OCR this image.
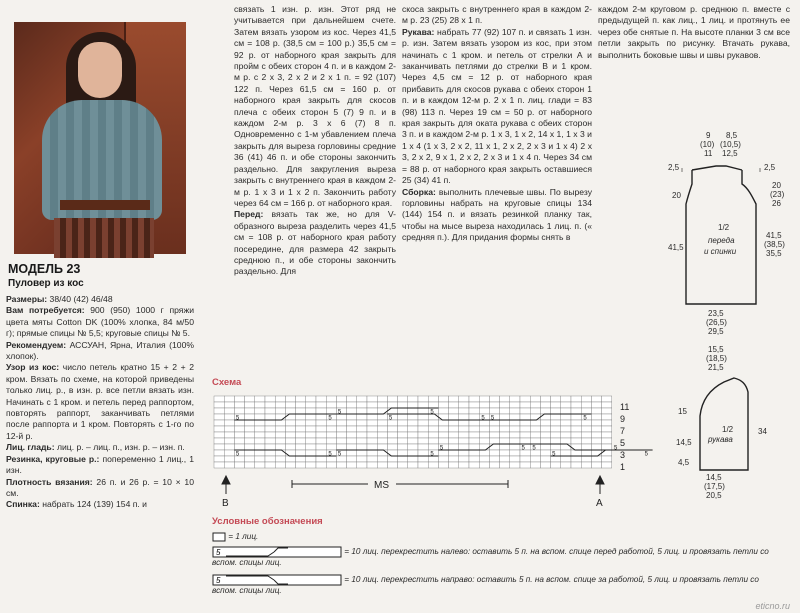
МОДЕЛЬ 23
Пуловер из кос

Размеры: 38/40 (42) 46/48

Вам потребуется: 900 (950) 1000 г пряжи цвета мяты Cotton DK (100% хлопка, 84 м/50 г); прямые спицы № 5,5; круговые спицы № 5.

Рекомендуем: АССУАН, Ярна, Италия (100% хлопок).

Узор из кос: число петель кратно 15 + 2 + 2 кром. Вязать по схеме, на которой приведены только лиц. р., в изн. р. все петли вязать изн. Начинать с 1 кром. и петель перед раппортом, повторять раппорт, заканчивать петлями после раппорта и 1 кром. Повторять с 1-го по 12-й р.

Лиц. гладь: лиц. р. – лиц. п., изн. р. – изн. п.

Резинка, круговые р.: попеременно 1 лиц., 1 изн.

Плотность вязания: 26 п. и 26 р. = 10 × 10 см.

Спинка: набрать 124 (139) 154 п. и

связать 1 изн. р. изн. Этот ряд не учитывается при дальнейшем счете. Затем вязать узором из кос. Через 41,5 см = 108 р. (38,5 см = 100 р.) 35,5 см = 92 р. от наборного края закрыть для пройм с обеих сторон 4 п. и в каждом 2-м р. с 2 х 3, 2 х 2 и 2 х 1 п. = 92 (107) 122 п. Через 61,5 см = 160 р. от наборного края закрыть для скосов плеча с обеих сторон 5 (7) 9 п. и в каждом 2-м р. 3 х 6 (7) 8 п. Одновременно с 1-м убавлением плеча закрыть для выреза горловины средние 36 (41) 46 п. и обе стороны закончить раздельно. Для закругления выреза закрыть с внутреннего края в каждом 2-м р. 1 х 3 и 1 х 2 п. Закончить работу через 64 см = 166 р. от наборного края.

Перед: вязать так же, но для V-образного выреза разделить через 41,5 см = 108 р. от наборного края работу посередине, для размера 42 закрыть среднюю п., и обе стороны закончить раздельно. Для

скоса закрыть с внутреннего края в каждом 2-м р. 23 (25) 28 х 1 п.

Рукава: набрать 77 (92) 107 п. и связать 1 изн. р. изн. Затем вязать узором из кос, при этом начинать с 1 кром. и петель от стрелки А и заканчивать петлями до стрелки В и 1 кром. Через 4,5 см = 12 р. от наборного края прибавить для скосов рукава с обеих сторон 1 п. и в каждом 12-м р. 2 х 1 п. лиц. глади = 83 (98) 113 п. Через 19 см = 50 р. от наборного края закрыть для оката рукава с обеих сторон 3 п. и в каждом 2-м р. 1 х 3, 1 х 2, 14 х 1, 1 х 3 и 1 х 4 (1 х 3, 2 х 2, 11 х 1, 2 х 2, 2 х 3 и 1 х 4) 2 х 3, 2 х 2, 9 х 1, 2 х 2, 2 х 3 и 1 х 4 п. Через 34 см = 88 р. от наборного края закрыть оставшиеся 25 (34) 41 п.

Сборка: выполнить плечевые швы. По вырезу горловины набрать на круговые спицы 134 (144) 154 п. и вязать резинкой планку так, чтобы на мысе выреза находилась 1 лиц. п. (« средняя п.). Для придания формы снять в

каждом 2-м круговом р. среднюю п. вместе с предыдущей п. как лиц., 1 лиц. и протянуть ее через обе снятые п. На высоте планки 3 см все петли закрыть по рисунку. Втачать рукава, выполнить боковые швы и швы рукавов.

9
(10)
11
8,5
(10,5)
12,5
2,5	2,5
20
20
(23)
26
1/2
переда
и спинки
41,5
41,5
(38,5)
35,5
23,5
(26,5)
29,5
15,5
(18,5)
21,5
15
14,5
4,5
1/2
рукава
34
14,5
(17,5)
20,5
Условные обозначения
= 1 лиц.
5	= 10 лиц. перекрестить налево: оставить 5 п. на вспом. спице перед работой, 5 лиц. и провязать петли со вспом. спицы лиц.
5	= 10 лиц. перекрестить направо: оставить 5 п. на вспом. спице за работой, 5 лиц. и провязать петли со вспом. спицы лиц.
Схема
5	5
5	5
5	5 5	5
5	5
5	5
5	5
5	5	5	5
11
9
7
5
3
1
B	A
MS
eticno.ru
